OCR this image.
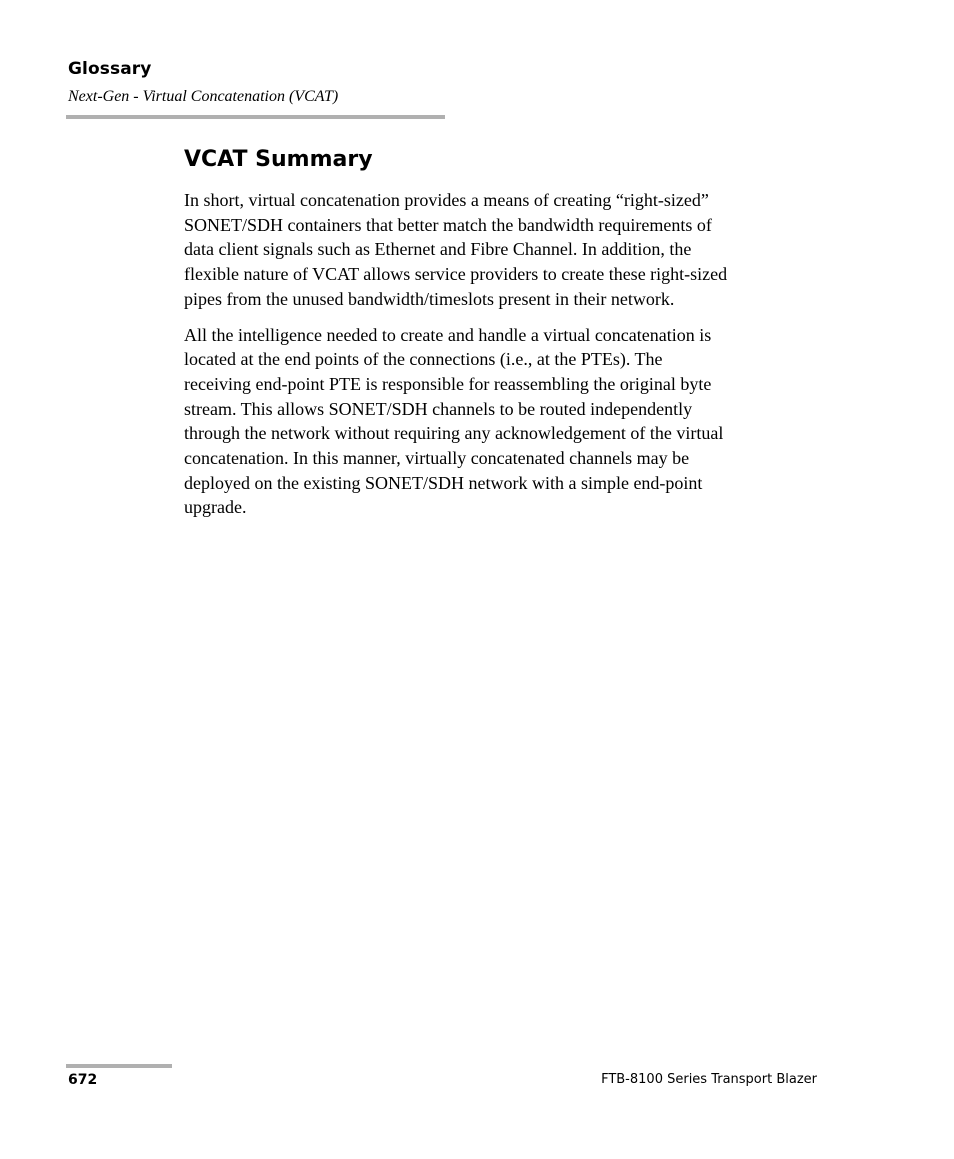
Glossary
Next-Gen - Virtual Concatenation (VCAT)
VCAT Summary

In short, virtual concatenation provides a means of creating “right-sized”
SONET/SDH containers that better match the bandwidth requirements of
data client signals such as Ethernet and Fibre Channel. In addition, the
flexible nature of VCAT allows service providers to create these right-sized
pipes from the unused bandwidth/timeslots present in their network.

All the intelligence needed to create and handle a virtual concatenation is
located at the end points of the connections (i.e., at the PTEs). The
receiving end-point PTE is responsible for reassembling the original byte
stream. This allows SONET/SDH channels to be routed independently
through the network without requiring any acknowledgement of the virtual
concatenation. In this manner, virtually concatenated channels may be
deployed on the existing SONET/SDH network with a simple end-point
upgrade.

672	FTB-8100 Series Transport Blazer
